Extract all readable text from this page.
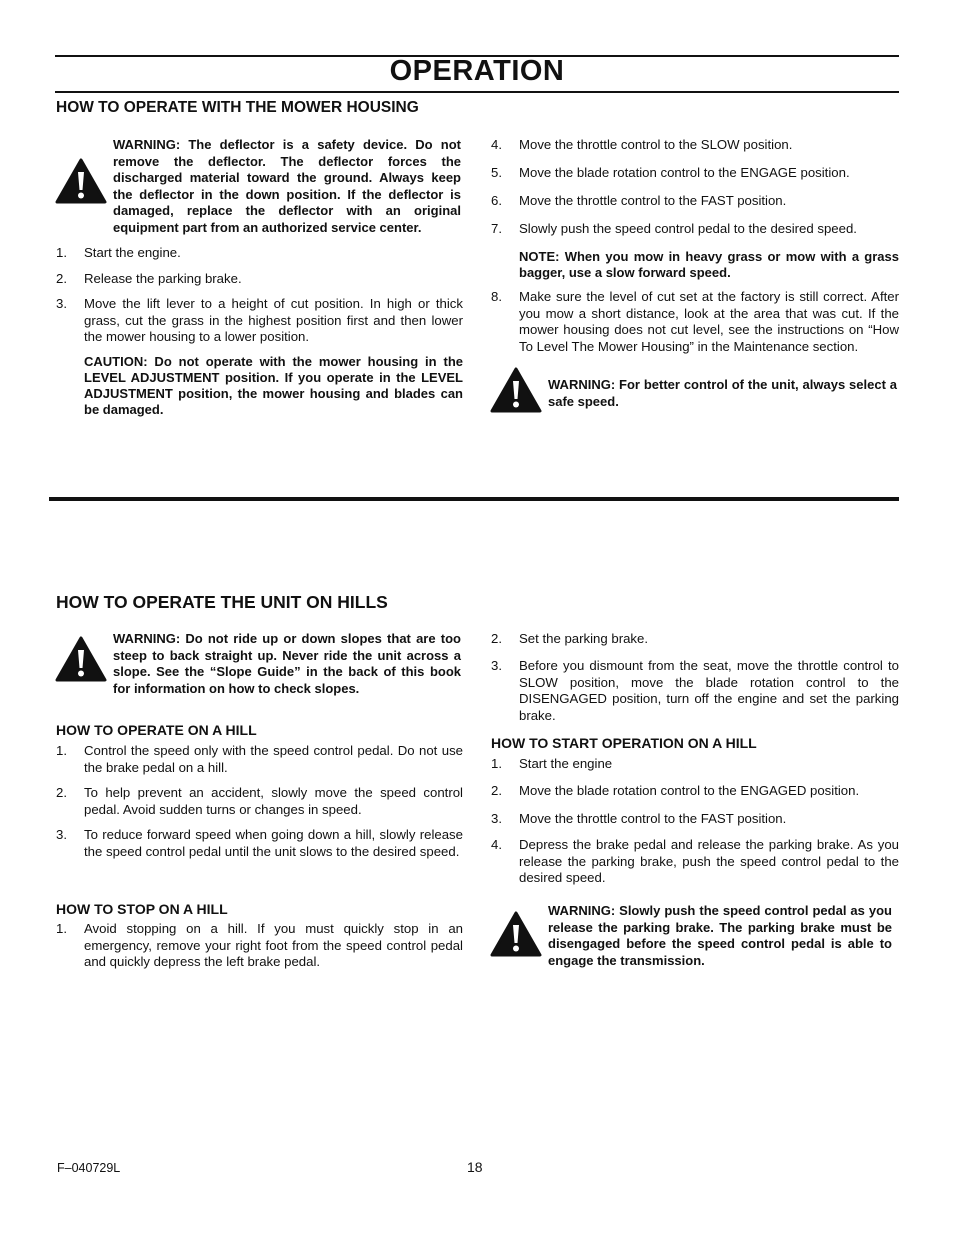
OPERATION
HOW TO OPERATE WITH THE MOWER HOUSING
WARNING: The deflector is a safety device. Do not remove the deflector. The deflector forces the discharged material toward the ground. Always keep the deflector in the down position. If the deflector is damaged, replace the deflector with an original equipment part from an authorized service center.
1. Start the engine.
2. Release the parking brake.
3. Move the lift lever to a height of cut position. In high or thick grass, cut the grass in the highest position first and then lower the mower housing to a lower position.
CAUTION: Do not operate with the mower housing in the LEVEL ADJUSTMENT position. If you operate in the LEVEL ADJUSTMENT position, the mower housing and blades can be damaged.
4. Move the throttle control to the SLOW position.
5. Move the blade rotation control to the ENGAGE position.
6. Move the throttle control to the FAST position.
7. Slowly push the speed control pedal to the desired speed.
NOTE: When you mow in heavy grass or mow with a grass bagger, use a slow forward speed.
8. Make sure the level of cut set at the factory is still correct. After you mow a short distance, look at the area that was cut. If the mower housing does not cut level, see the instructions on “How To Level The Mower Housing” in the Maintenance section.
WARNING: For better control of the unit, always select a safe speed.
HOW TO OPERATE THE UNIT ON HILLS
WARNING: Do not ride up or down slopes that are too steep to back straight up. Never ride the unit across a slope. See the “Slope Guide” in the back of this book for information on how to check slopes.
HOW TO OPERATE ON A HILL
1. Control the speed only with the speed control pedal. Do not use the brake pedal on a hill.
2. To help prevent an accident, slowly move the speed control pedal. Avoid sudden turns or changes in speed.
3. To reduce forward speed when going down a hill, slowly release the speed control pedal until the unit slows to the desired speed.
HOW TO STOP ON A HILL
1. Avoid stopping on a hill. If you must quickly stop in an emergency, remove your right foot from the speed control pedal and quickly depress the left brake pedal.
2. Set the parking brake.
3. Before you dismount from the seat, move the throttle control to SLOW position, move the blade rotation control to the DISENGAGED position, turn off the engine and set the parking brake.
HOW TO START OPERATION ON A HILL
1. Start the engine
2. Move the blade rotation control to the ENGAGED position.
3. Move the throttle control to the FAST position.
4. Depress the brake pedal and release the parking brake. As you release the parking brake, push the speed control pedal to the desired speed.
WARNING: Slowly push the speed control pedal as you release the parking brake. The parking brake must be disengaged before the speed control pedal is able to engage the transmission.
F–040729L	18
